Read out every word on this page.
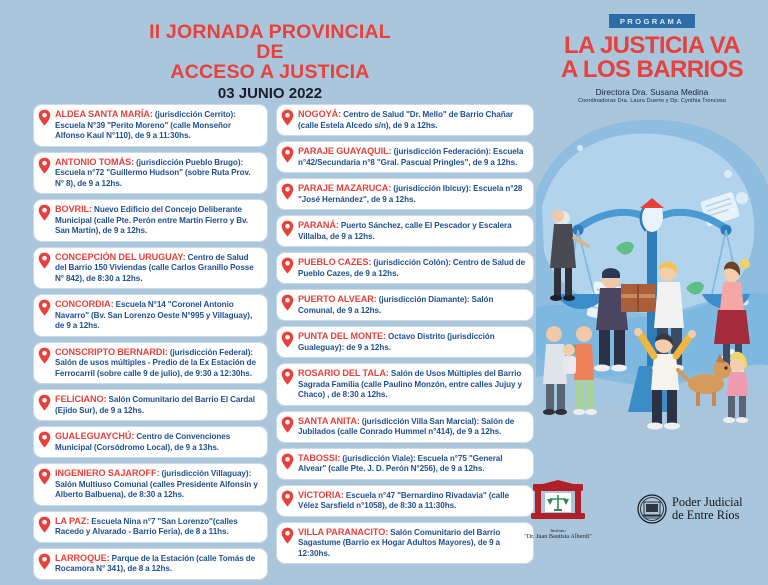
II JORNADA PROVINCIAL
DE
ACCESO A JUSTICIA
03 JUNIO 2022

ALDEA SANTA MARÍA: (jurisdicción Cerrito): Escuela N°39 "Perito Moreno" (calle Monseñor Alfonso Kaul N°110), de 9 a 11:30hs.

ANTONIO TOMÁS: (jurisdicción Pueblo Brugo): Escuela n°72 "Guillermo Hudson" (sobre Ruta Prov. N° 8), de 9 a 12hs.

BOVRIL: Nuevo Edificio del Concejo Deliberante Municipal (calle Pte. Perón entre Martín Fierro y Bv. San Martín), de 9 a 12hs.

CONCEPCIÓN DEL URUGUAY: Centro de Salud del Barrio 150 Viviendas (calle Carlos Granillo Posse N° 842), de 8:30 a 12hs.

CONCORDIA: Escuela N°14 "Coronel Antonio Navarro" (Bv. San Lorenzo Oeste N°995 y Villaguay), de 9 a 12hs.

CONSCRIPTO BERNARDI: (jurisdicción Federal): Salón de usos múltiples - Predio de la Ex Estación de Ferrocarril (sobre calle 9 de julio), de 9:30 a 12:30hs.

FELICIANO: Salón Comunitario del Barrio El Cardal (Ejido Sur), de 9 a 12hs.

GUALEGUAYCHÚ: Centro de Convenciones Municipal (Corsódromo Local), de 9 a 13hs.

INGENIERO SAJAROFF: (jurisdicción Villaguay): Salón Multiuso Comunal (calles Presidente Alfonsín y Alberto Balbuena), de 8:30 a 12hs.

LA PAZ: Escuela Nina n°7 "San Lorenzo"(calles Racedo y Alvarado - Barrio Feria), de 8 a 11hs.

LARROQUE: Parque de la Estación (calle Tomás de Rocamora N° 341), de 8 a 12hs.

NOGOYÁ: Centro de Salud "Dr. Mello" de Barrio Chañar (calle Estela Alcedo s/n), de 9 a 12hs.

PARAJE GUAYAQUIL: (jurisdicción Federación): Escuela n°42/Secundaria n°8 "Gral. Pascual Pringles", de 9 a 12hs.

PARAJE MAZARUCA: (jurisdicción Ibicuy): Escuela n°28 "José Hernández", de 9 a 12hs.

PARANÁ: Puerto Sánchez, calle El Pescador y Escalera Villalba, de 9 a 12hs.

PUEBLO CAZES: (jurisdicción Colón): Centro de Salud de Pueblo Cazes, de 9 a 12hs.

PUERTO ALVEAR: (jurisdicción Diamante): Salón Comunal, de 9 a 12hs.

PUNTA DEL MONTE: Octavo Distrito (jurisdicción Gualeguay): de 9 a 12hs.

ROSARIO DEL TALA: Salón de Usos Múltiples del Barrio Sagrada Familia (calle Paulino Monzón, entre calles Jujuy y Chaco) , de 8:30 a 12hs.

SANTA ANITA: (jurisdicción Villa San Marcial): Salón de Jubilados (calle Conrado Hummel n°414), de 9 a 12hs.

TABOSSI: (jurisdicción Viale): Escuela n°75 "General Alvear" (calle Pte. J. D. Perón N°256), de 9 a 12hs.

VICTORIA: Escuela n°47 "Bernardino Rivadavia" (calle Vélez Sarsfield n°1058), de 8:30 a 11:30hs.

VILLA PARANACITO: Salón Comunitario del Barrio Sagastume (Barrio ex Hogar Adultos Mayores), de 9 a 12:30hs.

PROGRAMA
LA JUSTICIA VA
A LOS BARRIOS
Directora Dra. Susana Medina
Coordinadoras Dra. Laura Duerto y Dp. Cynthia Troncoso
Instituto
"Dr. Juan Bautista Alberdi"
Poder Judicial
de Entre Ríos
